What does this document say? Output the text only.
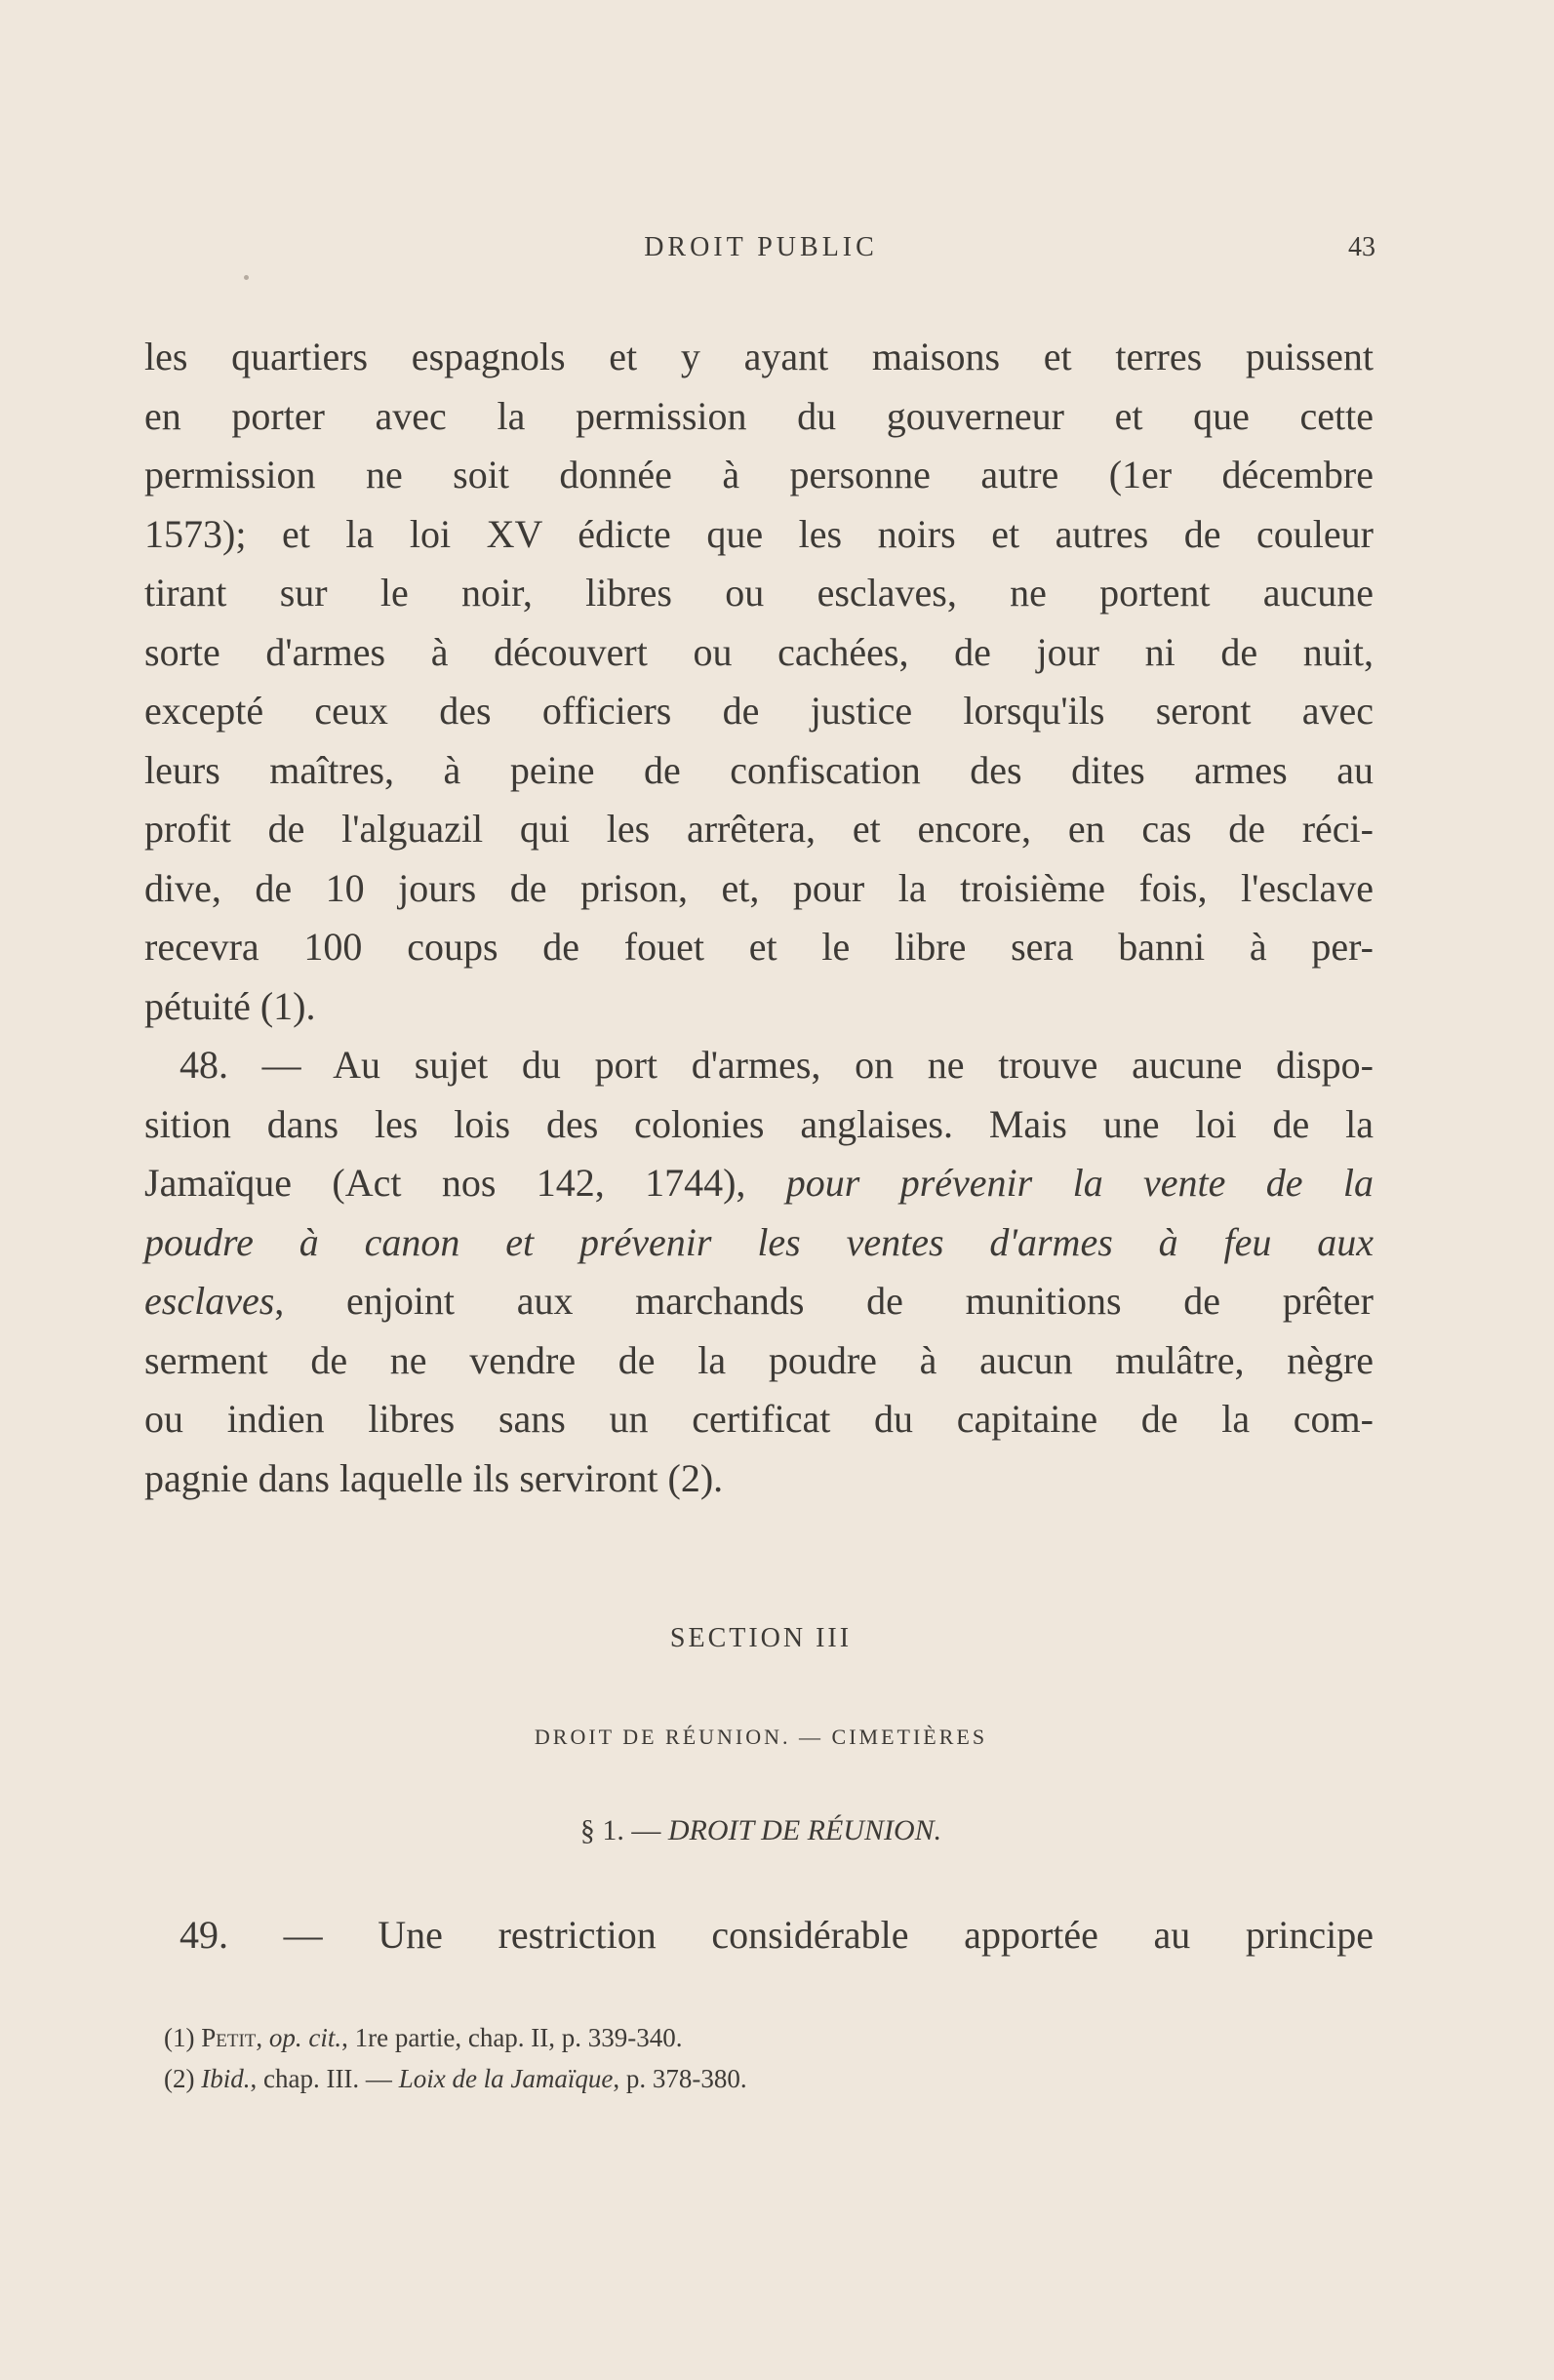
DROIT PUBLIC	43
les quartiers espagnols et y ayant maisons et terres puissent
en porter avec la permission du gouverneur et que cette
permission ne soit donnée à personne autre (1er décembre
1573); et la loi XV édicte que les noirs et autres de couleur
tirant sur le noir, libres ou esclaves, ne portent aucune
sorte d'armes à découvert ou cachées, de jour ni de nuit,
excepté ceux des officiers de justice lorsqu'ils seront avec
leurs maîtres, à peine de confiscation des dites armes au
profit de l'alguazil qui les arrêtera, et encore, en cas de réci-
dive, de 10 jours de prison, et, pour la troisième fois, l'esclave
recevra 100 coups de fouet et le libre sera banni à per-
pétuité (1).
48. — Au sujet du port d'armes, on ne trouve aucune dispo-
sition dans les lois des colonies anglaises. Mais une loi de la
Jamaïque (Act nos 142, 1744), pour prévenir la vente de la
poudre à canon et prévenir les ventes d'armes à feu aux
esclaves, enjoint aux marchands de munitions de prêter
serment de ne vendre de la poudre à aucun mulâtre, nègre
ou indien libres sans un certificat du capitaine de la com-
pagnie dans laquelle ils serviront (2).
SECTION III
DROIT DE RÉUNION. — CIMETIÈRES
§ 1. — DROIT DE RÉUNION.
49. — Une restriction considérable apportée au principe
(1) Petit, op. cit., 1re partie, chap. II, p. 339-340.
(2) Ibid., chap. III. — Loix de la Jamaïque, p. 378-380.
